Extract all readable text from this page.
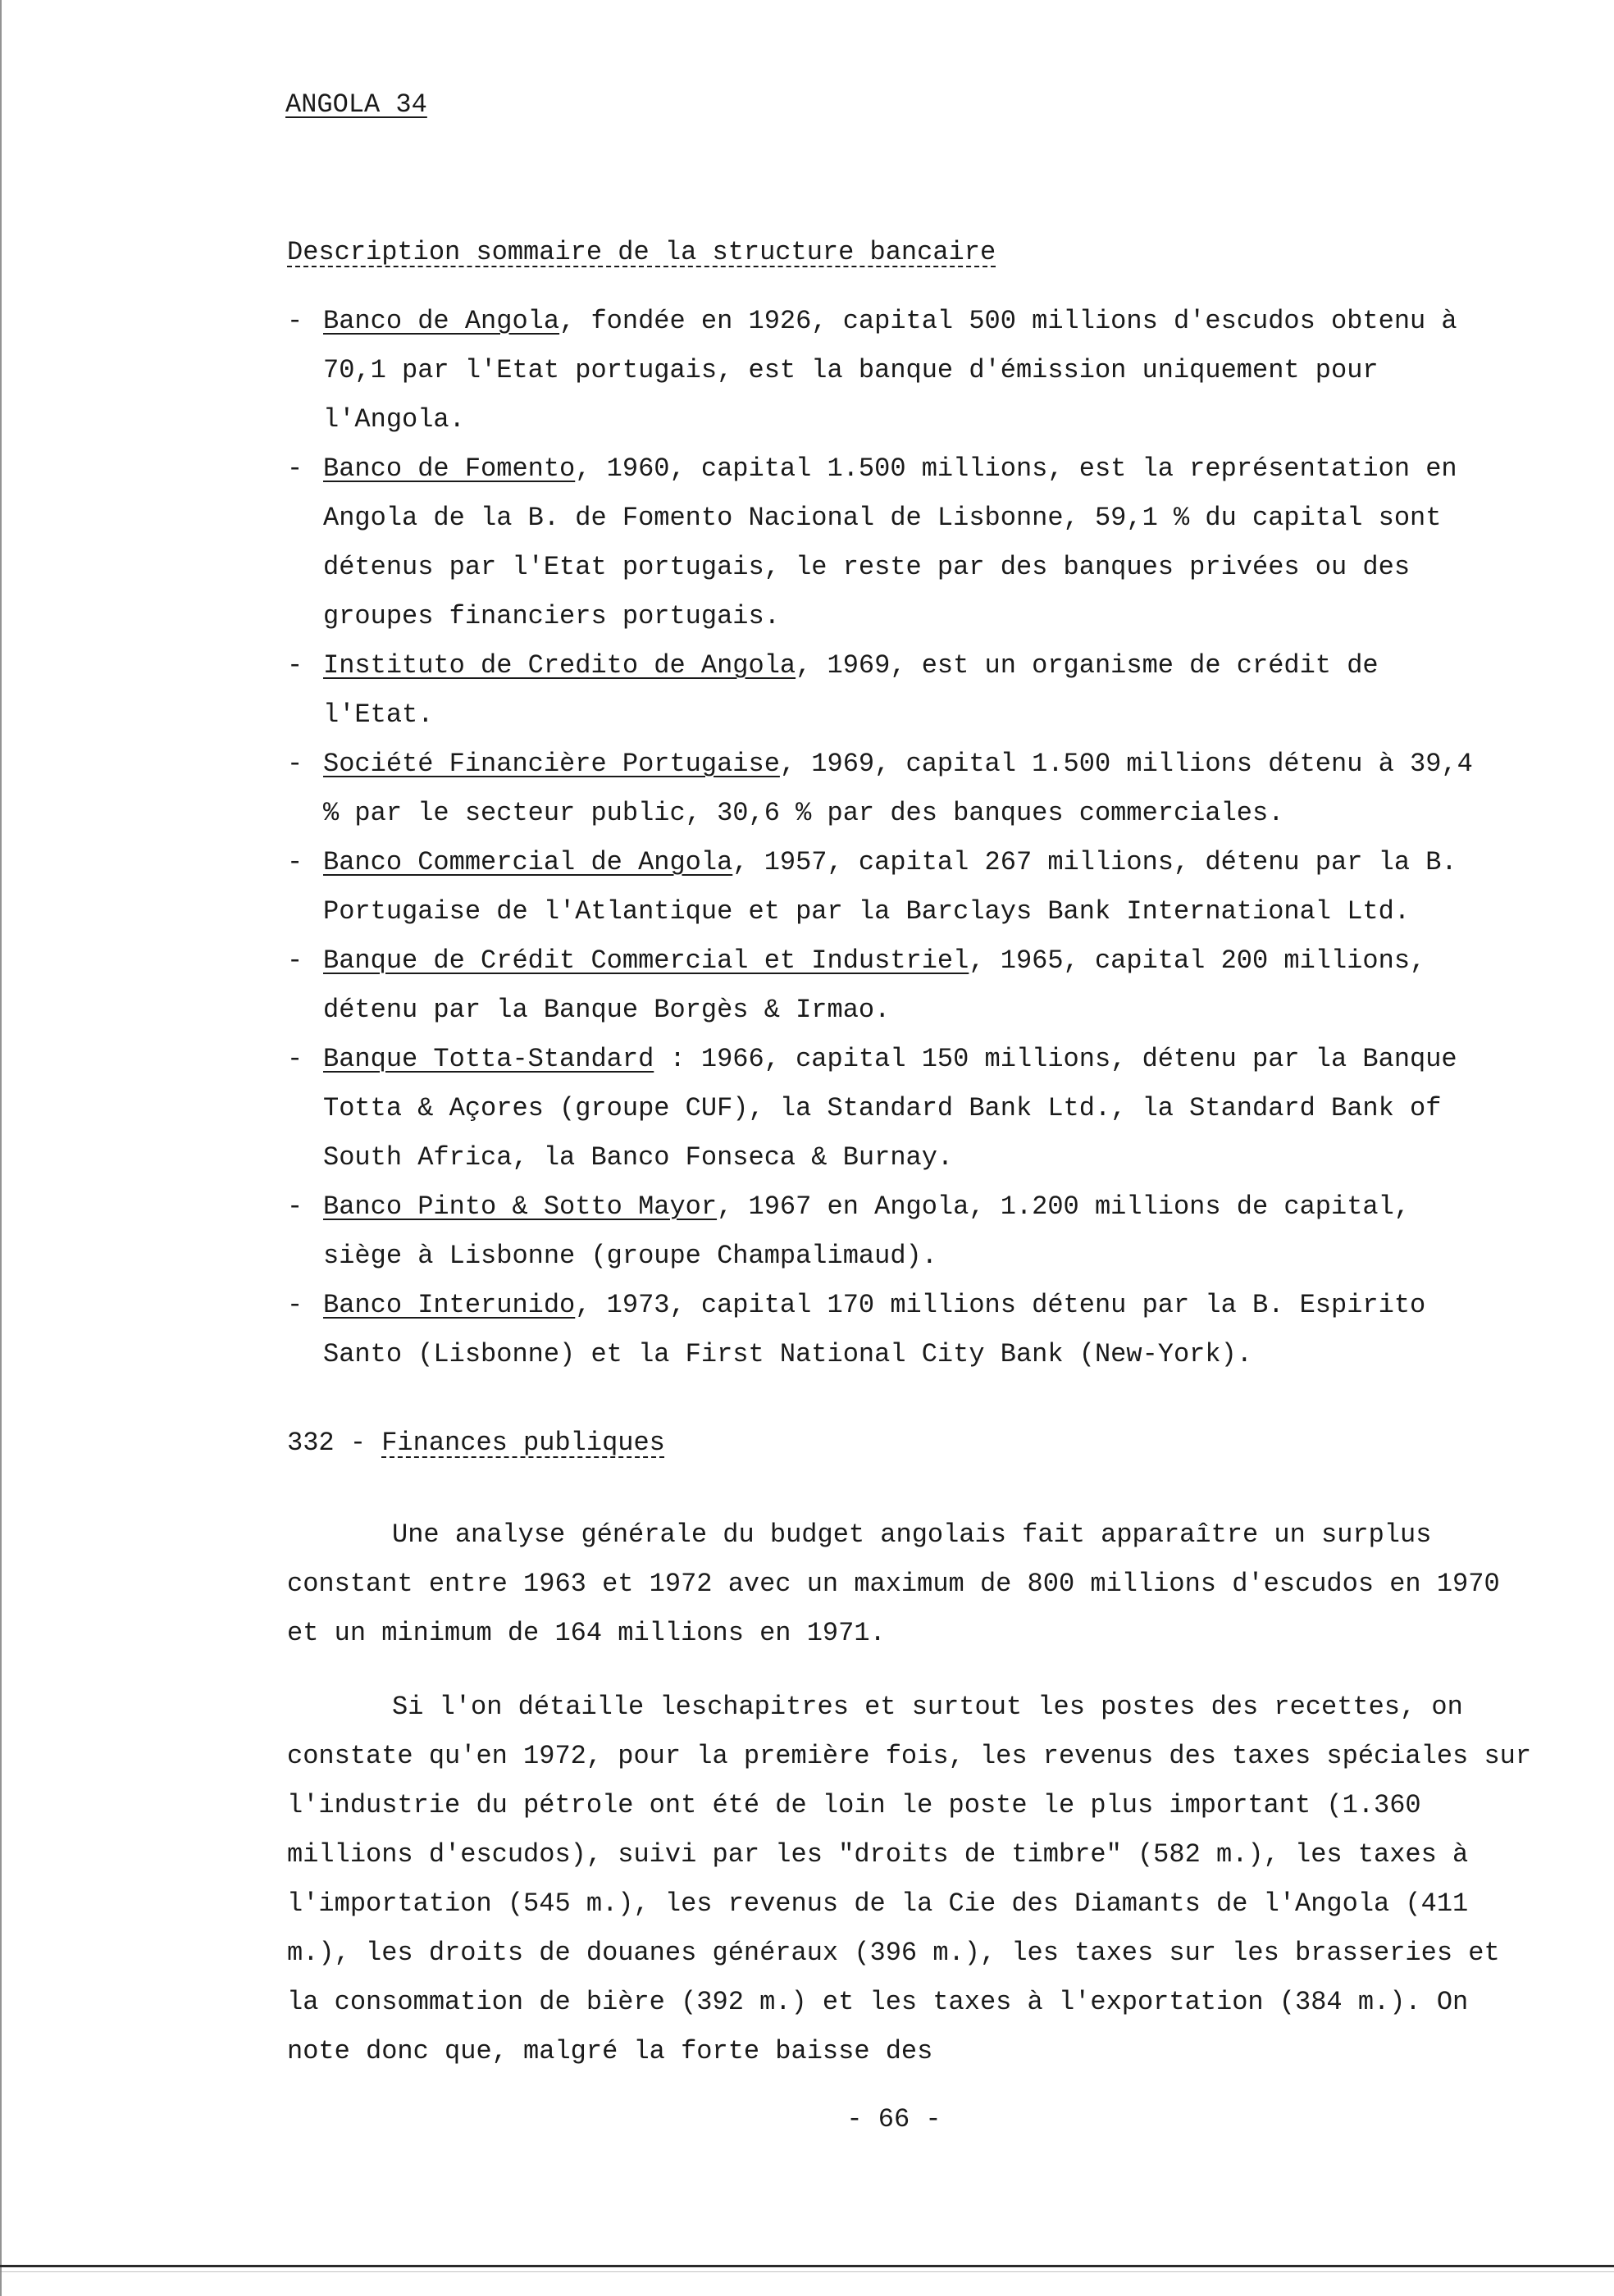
ANGOLA 34
Description sommaire de la structure bancaire
- Banco de Angola, fondée en 1926, capital 500 millions d'escudos obtenu à 70,1 par l'Etat portugais, est la banque d'émission uniquement pour l'Angola.
- Banco de Fomento, 1960, capital 1.500 millions, est la représentation en Angola de la B. de Fomento Nacional de Lisbonne, 59,1 % du capital sont détenus par l'Etat portugais, le reste par des banques privées ou des groupes financiers portugais.
- Instituto de Credito de Angola, 1969, est un organisme de crédit de l'Etat.
- Société Financière Portugaise, 1969, capital 1.500 millions détenu à 39,4 % par le secteur public, 30,6 % par des banques commerciales.
- Banco Commercial de Angola, 1957, capital 267 millions, détenu par la B. Portugaise de l'Atlantique et par la Barclays Bank International Ltd.
- Banque de Crédit Commercial et Industriel, 1965, capital 200 millions, détenu par la Banque Borgès & Irmao.
- Banque Totta-Standard : 1966, capital 150 millions, détenu par la Banque Totta & Açores (groupe CUF), la Standard Bank Ltd., la Standard Bank of South Africa, la Banco Fonseca & Burnay.
- Banco Pinto & Sotto Mayor, 1967 en Angola, 1.200 millions de capital, siège à Lisbonne (groupe Champalimaud).
- Banco Interunido, 1973, capital 170 millions détenu par la B. Espirito Santo (Lisbonne) et la First National City Bank (New-York).
332 - Finances publiques

Une analyse générale du budget angolais fait apparaître un surplus constant entre 1963 et 1972 avec un maximum de 800 millions d'escudos en 1970 et un minimum de 164 millions en 1971.

Si l'on détaille leschapitres et surtout les postes des recettes, on constate qu'en 1972, pour la première fois, les revenus des taxes spéciales sur l'industrie du pétrole ont été de loin le poste le plus important (1.360 millions d'escudos), suivi par les "droits de timbre" (582 m.), les taxes à l'importation (545 m.), les revenus de la Cie des Diamants de l'Angola (411 m.), les droits de douanes généraux (396 m.), les taxes sur les brasseries et la consommation de bière (392 m.) et les taxes à l'exportation (384 m.). On note donc que, malgré la forte baisse des

- 66 -
